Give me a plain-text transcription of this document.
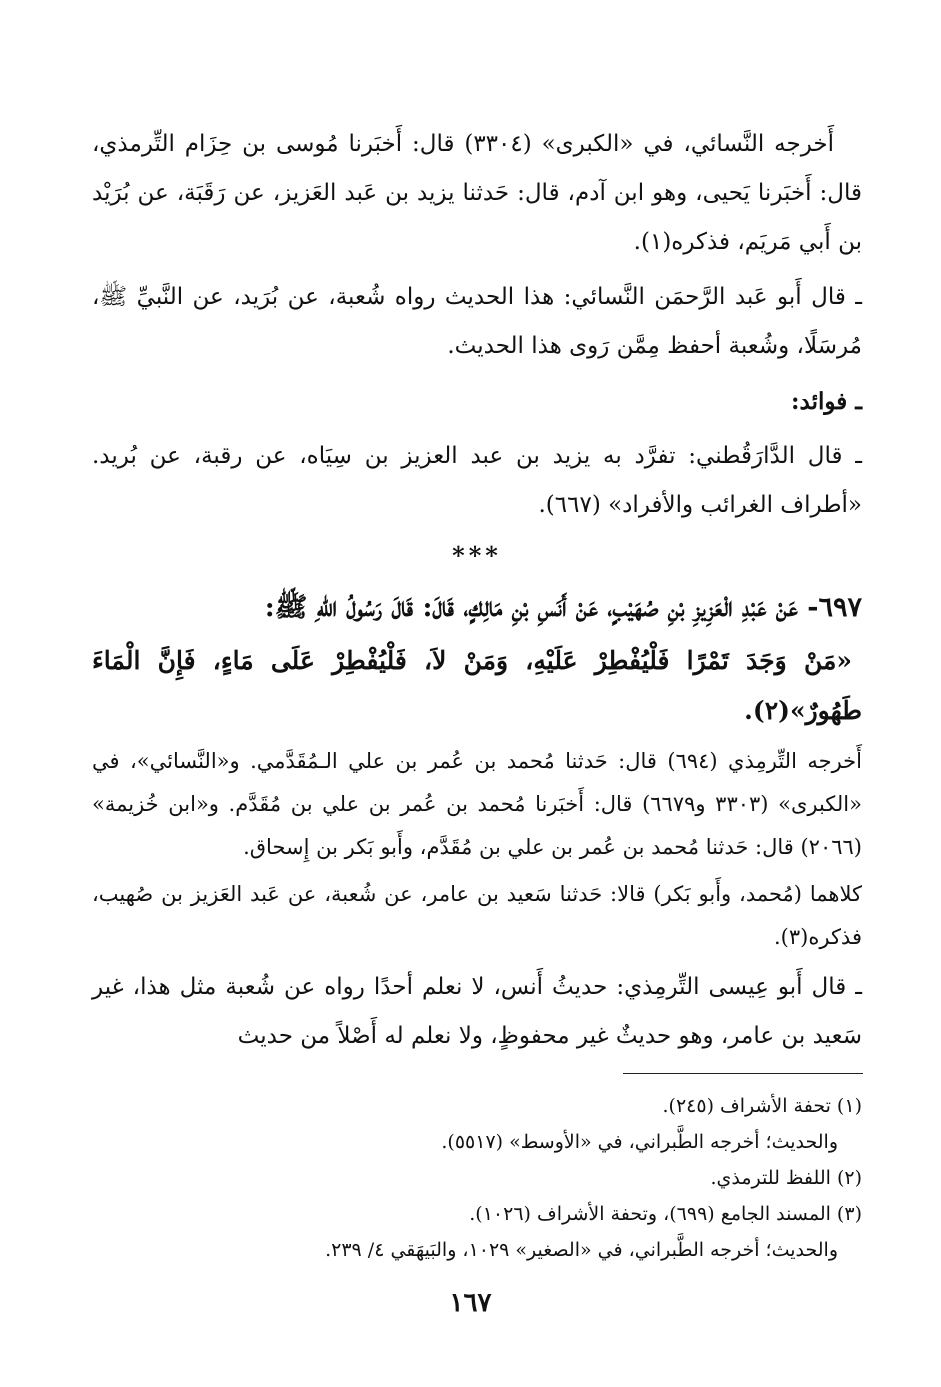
أَخرجه النَّسائي، في «الكبرى» (٣٣٠٤) قال: أَخبَرنا مُوسى بن حِزَام التِّرمذي، قال: أَخبَرنا يَحيى، وهو ابن آدم، قال: حَدثنا يزيد بن عَبد العَزيز، عن رَقَبَة، عن بُرَيْد بن أَبي مَريَم، فذكره(١).

ـ قال أَبو عَبد الرَّحمَن النَّسائي: هذا الحديث رواه شُعبة، عن بُرَيد، عن النَّبيِّ ﷺ، مُرسَلًا، وشُعبة أحفظ مِمَّن رَوى هذا الحديث.

ـ فوائد:

ـ قال الدَّارَقُطني: تفرَّد به يزيد بن عبد العزيز بن سِيَاه، عن رقبة، عن بُريد. «أطراف الغرائب والأفراد» (٦٦٧).

***

٦٩٧- عَنْ عَبْدِ الْعَزِيزِ بْنِ صُهَيْبٍ، عَنْ أَنَسِ بْنِ مَالِكٍ، قَالَ: قَالَ رَسُولُ اللهِ ﷺ:

«مَنْ وَجَدَ تَمْرًا فَلْيُفْطِرْ عَلَيْهِ، وَمَنْ لاَ، فَلْيُفْطِرْ عَلَى مَاءٍ، فَإِنَّ الْمَاءَ طَهُورٌ»(٢).

أَخرجه التِّرمِذي (٦٩٤) قال: حَدثنا مُحمد بن عُمر بن علي الـمُقَدَّمي. و«النَّسائي»، في «الكبرى» (٣٣٠٣ و٦٦٧٩) قال: أَخبَرنا مُحمد بن عُمر بن علي بن مُقَدَّم. و«ابن خُزيمة» (٢٠٦٦) قال: حَدثنا مُحمد بن عُمر بن علي بن مُقَدَّم، وأَبو بَكر بن إِسحاق.

كلاهما (مُحمد، وأَبو بَكر) قالا: حَدثنا سَعيد بن عامر، عن شُعبة، عن عَبد العَزيز بن صُهيب، فذكره(٣).

ـ قال أَبو عِيسى التِّرمِذي: حديثُ أَنس، لا نعلم أحدًا رواه عن شُعبة مثل هذا، غير سَعيد بن عامر، وهو حديثٌ غير محفوظٍ، ولا نعلم له أَصْلاً من حديث

(١) تحفة الأشراف (٢٤٥).

والحديث؛ أخرجه الطَّبراني، في «الأوسط» (٥٥١٧).

(٢) اللفظ للترمذي.

(٣) المسند الجامع (٦٩٩)، وتحفة الأشراف (١٠٢٦).

والحديث؛ أخرجه الطَّبراني، في «الصغير» ١٠٢٩، والبَيهَقي ٤/ ٢٣٩.

١٦٧
